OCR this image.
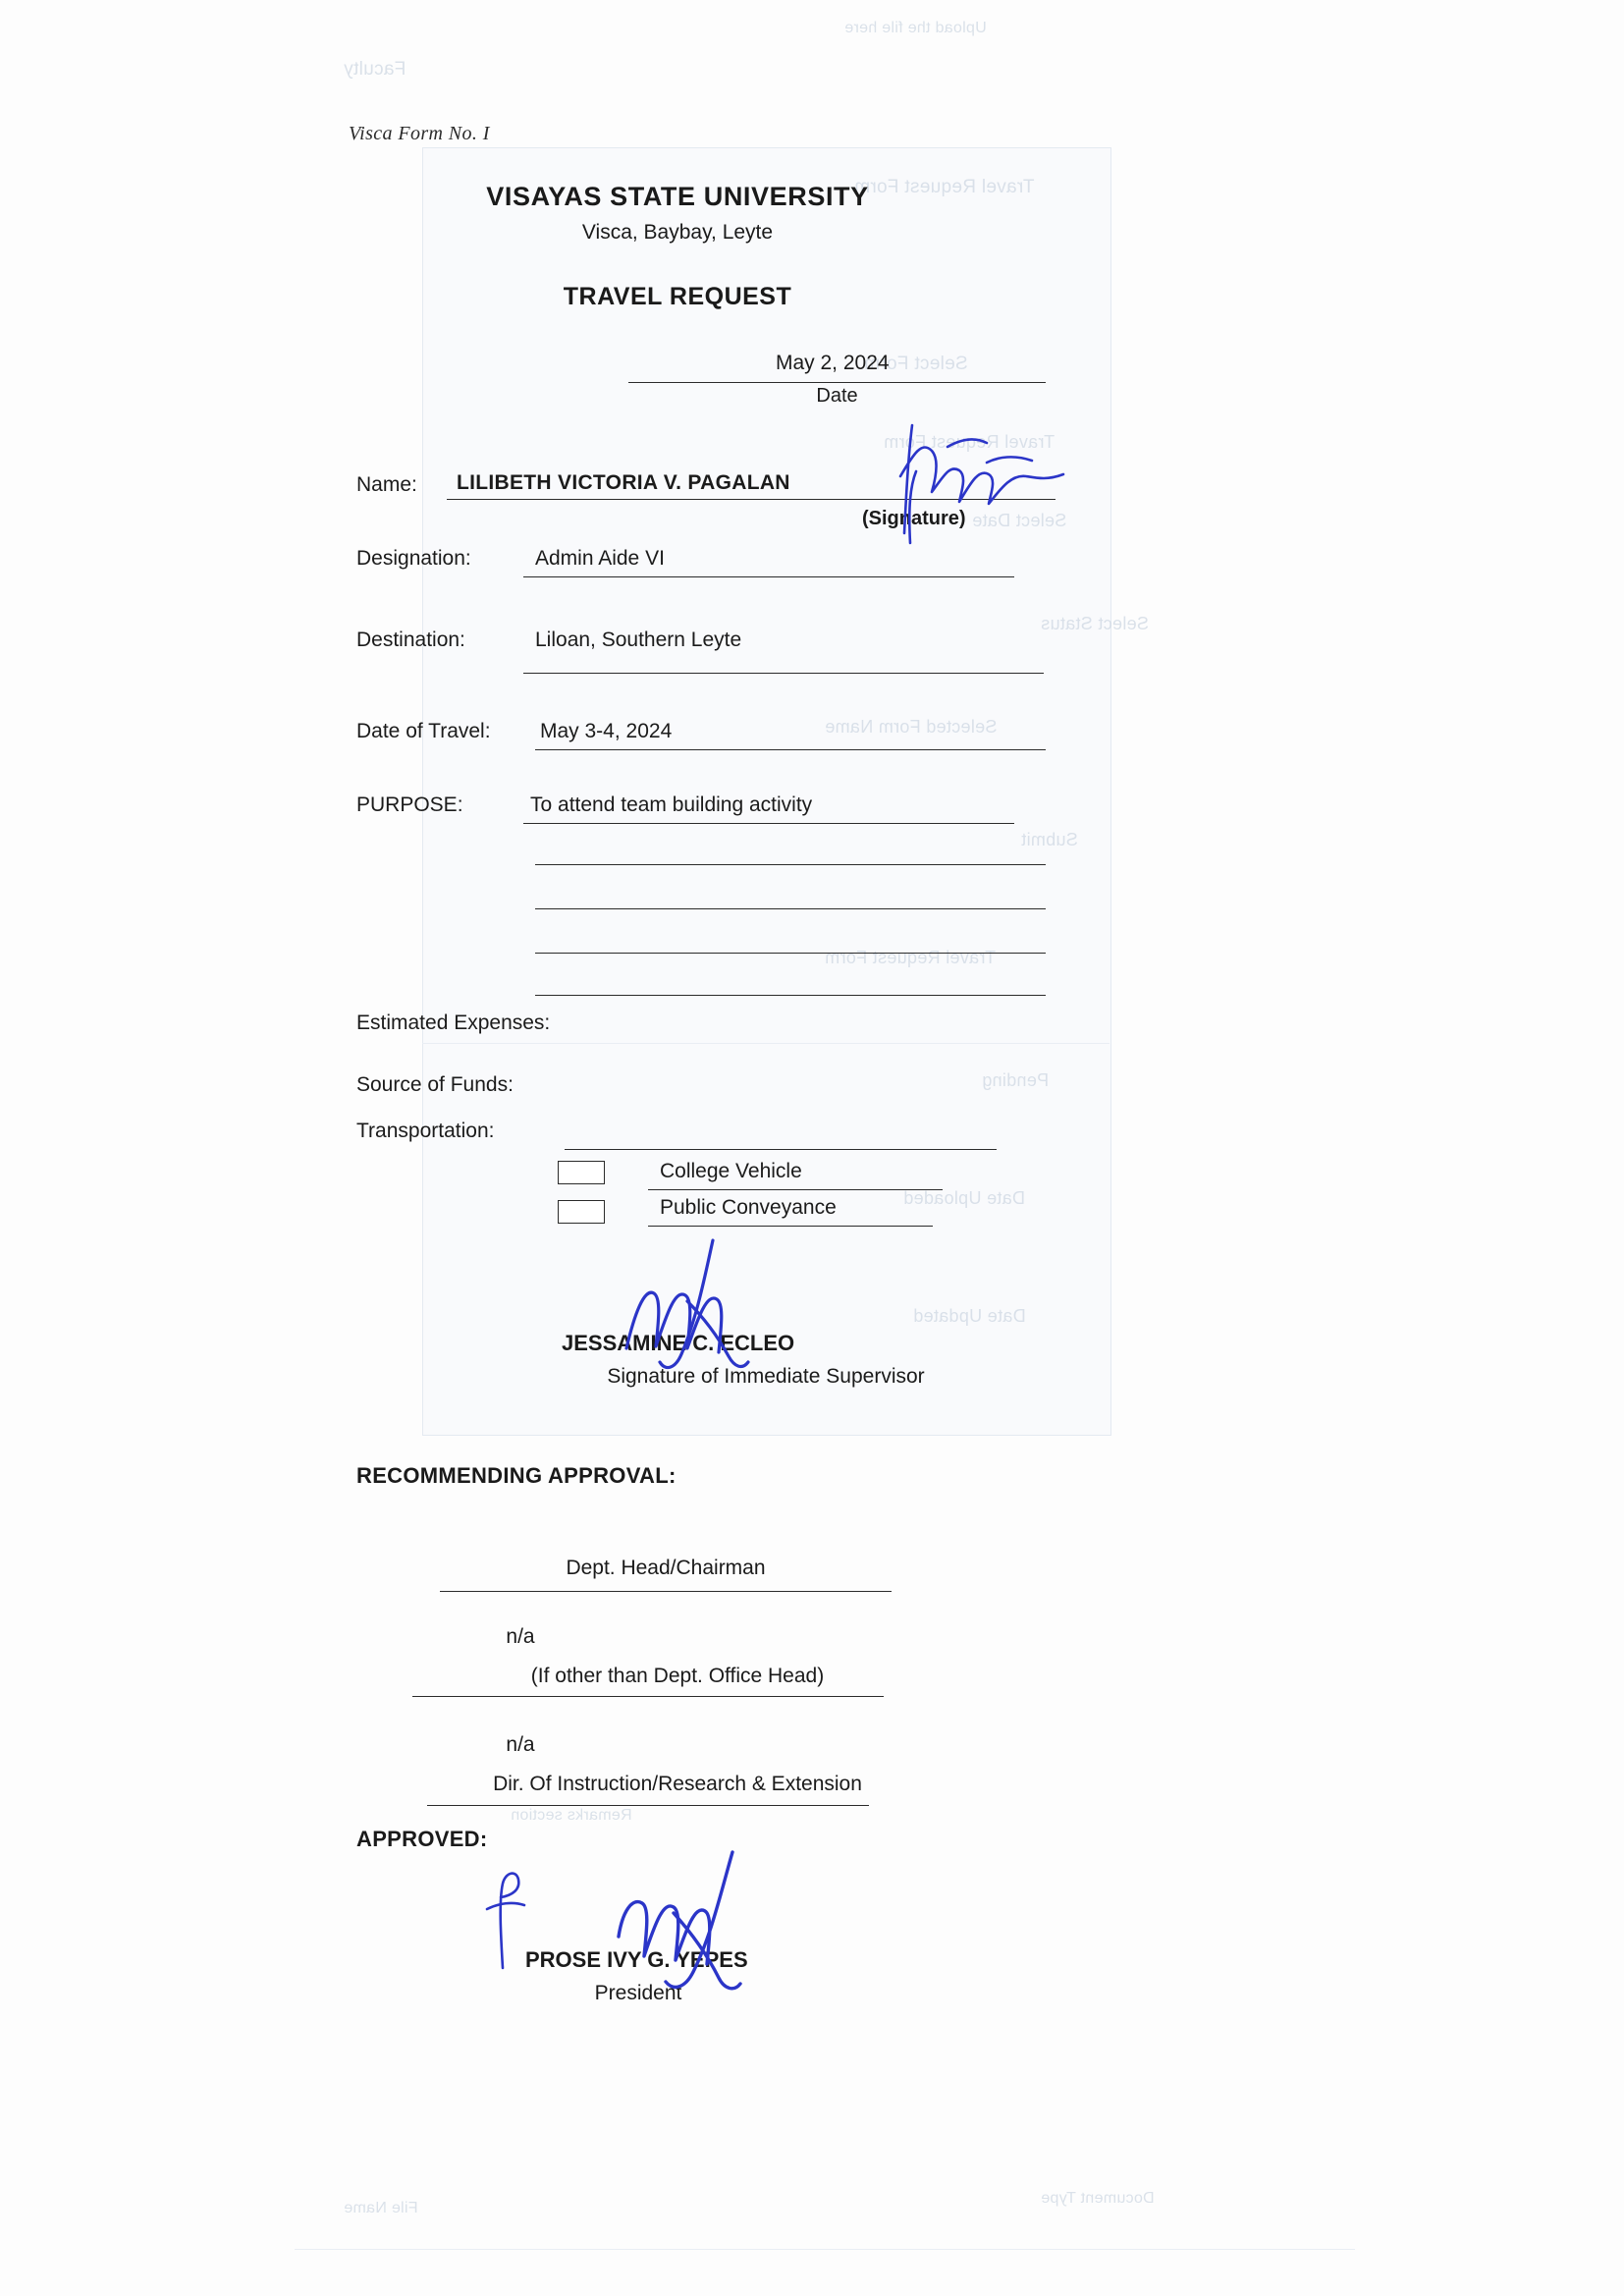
Upload the file here
Faculty
Travel Request Form
Select Form
Travel Request Form
Select Date
Select Status
Selected Form Name
Submit
Travel Request Form
Pending
Date Uploaded
Date Updated
Remarks section
Document Type
File Name
Visca Form No. I
VISAYAS STATE UNIVERSITY
Visca, Baybay, Leyte
TRAVEL REQUEST
May 2, 2024
Date
Name: LILIBETH VICTORIA V. PAGALAN
(Signature)
Designation:	Admin Aide VI
Destination:	Liloan, Southern Leyte
Date of Travel: May 3-4, 2024
PURPOSE:	To attend team building activity
Estimated Expenses:
Source of Funds:
Transportation:
College Vehicle
Public Conveyance
JESSAMINE C. ECLEO
Signature of Immediate Supervisor
RECOMMENDING APPROVAL:
Dept. Head/Chairman
n/a
(If other than Dept. Office Head)
n/a
Dir. Of Instruction/Research & Extension
APPROVED:
PROSE IVY G. YEPES
President
